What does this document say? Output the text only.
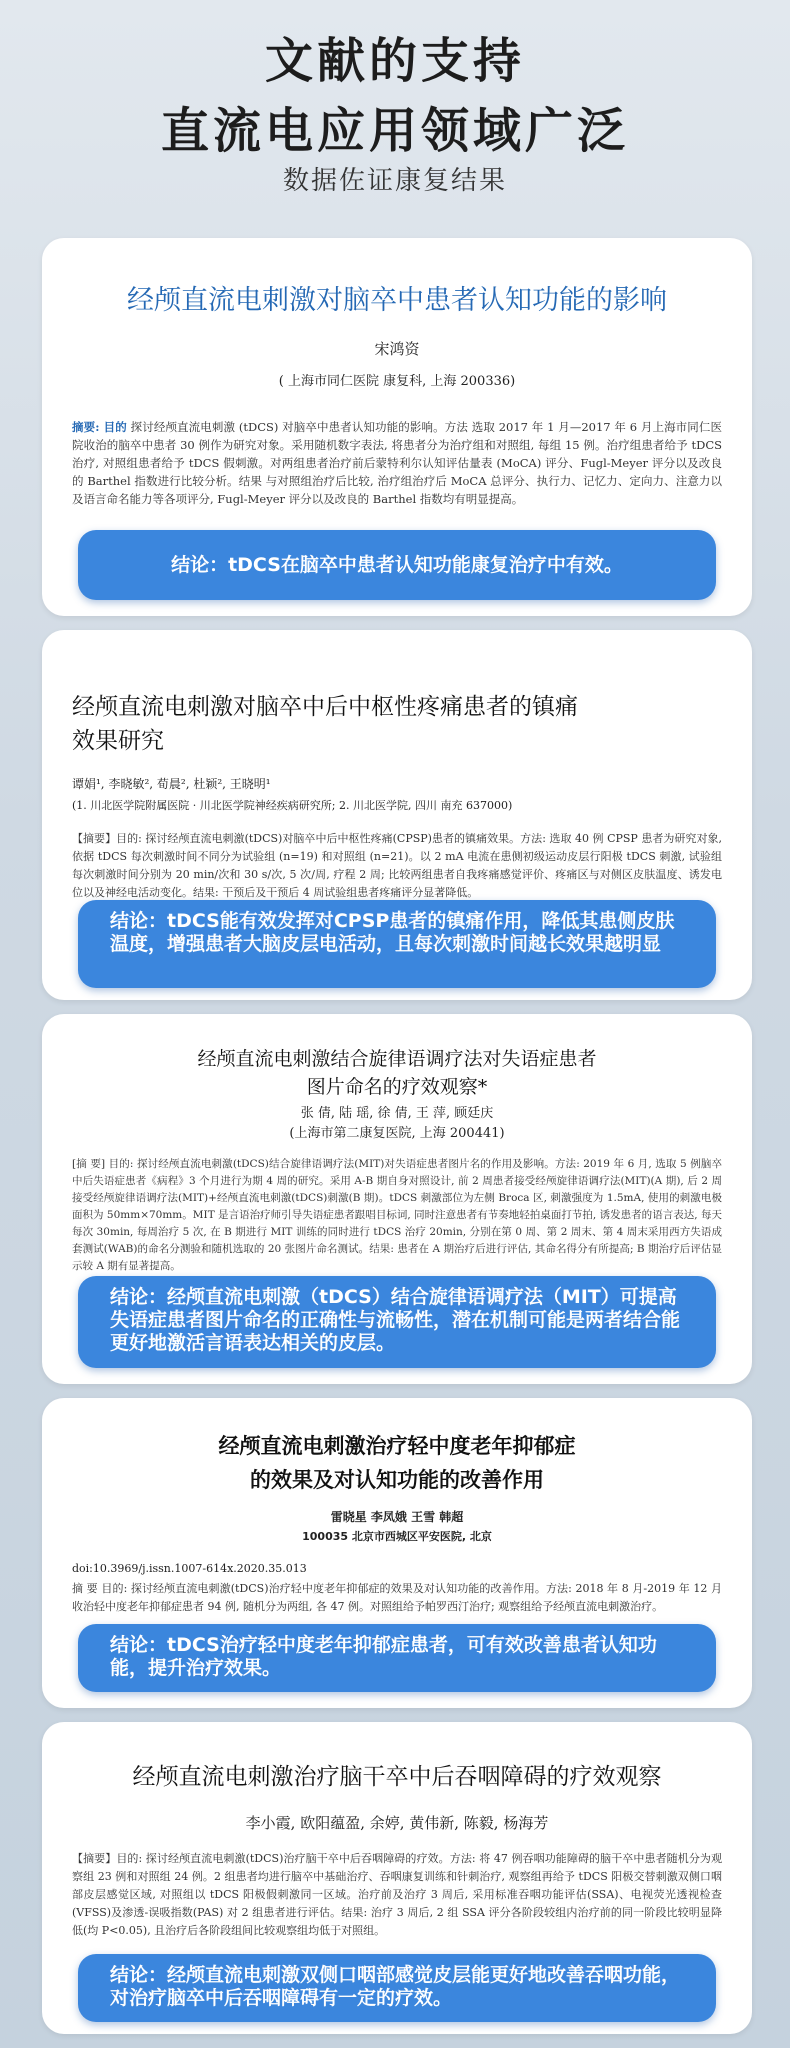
文献的支持
直流电应用领域广泛
数据佐证康复结果
经颅直流电刺激对脑卒中患者认知功能的影响
宋鸿资
( 上海市同仁医院 康复科, 上海 200336)
摘要: 目的 探讨经颅直流电刺激 (tDCS) 对脑卒中患者认知功能的影响。方法 选取 2017 年 1 月—2017 年 6 月上海市同仁医院收治的脑卒中患者 30 例作为研究对象。采用随机数字表法, 将患者分为治疗组和对照组, 每组 15 例。治疗组患者给予 tDCS 治疗, 对照组患者给予 tDCS 假刺激。对两组患者治疗前后蒙特利尔认知评估量表 (MoCA) 评分、Fugl-Meyer 评分以及改良的 Barthel 指数进行比较分析。结果 与对照组治疗后比较, 治疗组治疗后 MoCA 总评分、执行力、记忆力、定向力、注意力以及语言命名能力等各项评分, Fugl-Meyer 评分以及改良的 Barthel 指数均有明显提高。
结论：tDCS在脑卒中患者认知功能康复治疗中有效。
经颅直流电刺激对脑卒中后中枢性疼痛患者的镇痛
效果研究
谭娟¹, 李晓敏², 荀晨², 杜颖², 王晓明¹
(1. 川北医学院附属医院 · 川北医学院神经疾病研究所; 2. 川北医学院, 四川 南充 637000)
【摘要】目的: 探讨经颅直流电刺激(tDCS)对脑卒中后中枢性疼痛(CPSP)患者的镇痛效果。方法: 选取 40 例 CPSP 患者为研究对象, 依据 tDCS 每次刺激时间不同分为试验组 (n=19) 和对照组 (n=21)。以 2 mA 电流在患侧初级运动皮层行阳极 tDCS 刺激, 试验组每次刺激时间分别为 20 min/次和 30 s/次, 5 次/周, 疗程 2 周; 比较两组患者自我疼痛感觉评价、疼痛区与对侧区皮肤温度、诱发电位以及神经电活动变化。结果: 干预后及干预后 4 周试验组患者疼痛评分显著降低。
结论：tDCS能有效发挥对CPSP患者的镇痛作用，降低其患侧皮肤温度，增强患者大脑皮层电活动，且每次刺激时间越长效果越明显
经颅直流电刺激结合旋律语调疗法对失语症患者
图片命名的疗效观察*
张 倩, 陆 瑶, 徐 倩, 王 萍, 顾廷庆
(上海市第二康复医院, 上海 200441)
[摘 要] 目的: 探讨经颅直流电刺激(tDCS)结合旋律语调疗法(MIT)对失语症患者图片名的作用及影响。方法: 2019 年 6 月, 选取 5 例脑卒中后失语症患者《病程》3 个月进行为期 4 周的研究。采用 A-B 期自身对照设计, 前 2 周患者接受经颅旋律语调疗法(MIT)(A 期), 后 2 周接受经颅旋律语调疗法(MIT)+经颅直流电刺激(tDCS)刺激(B 期)。tDCS 刺激部位为左侧 Broca 区, 刺激强度为 1.5mA, 使用的刺激电极面积为 50mm×70mm。MIT 是言语治疗师引导失语症患者跟唱目标词, 同时注意患者有节奏地轻拍桌面打节拍, 诱发患者的语言表达, 每天每次 30min, 每周治疗 5 次, 在 B 期进行 MIT 训练的同时进行 tDCS 治疗 20min, 分别在第 0 周、第 2 周末、第 4 周末采用西方失语成套测试(WAB)的命名分测验和随机选取的 20 张图片命名测试。结果: 患者在 A 期治疗后进行评估, 其命名得分有所提高; B 期治疗后评估显示较 A 期有显著提高。
结论：经颅直流电刺激（tDCS）结合旋律语调疗法（MIT）可提高失语症患者图片命名的正确性与流畅性，潜在机制可能是两者结合能更好地激活言语表达相关的皮层。
经颅直流电刺激治疗轻中度老年抑郁症
的效果及对认知功能的改善作用
雷晓星 李凤娥 王雪 韩超
100035 北京市西城区平安医院, 北京
doi:10.3969/j.issn.1007-614x.2020.35.013
摘 要 目的: 探讨经颅直流电刺激(tDCS)治疗轻中度老年抑郁症的效果及对认知功能的改善作用。方法: 2018 年 8 月-2019 年 12 月收治轻中度老年抑郁症患者 94 例, 随机分为两组, 各 47 例。对照组给予帕罗西汀治疗; 观察组给予经颅直流电刺激治疗。
结论：tDCS治疗轻中度老年抑郁症患者，可有效改善患者认知功能，提升治疗效果。
经颅直流电刺激治疗脑干卒中后吞咽障碍的疗效观察
李小霞, 欧阳蕴盈, 余婷, 黄伟新, 陈毅, 杨海芳
【摘要】目的: 探讨经颅直流电刺激(tDCS)治疗脑干卒中后吞咽障碍的疗效。方法: 将 47 例吞咽功能障碍的脑干卒中患者随机分为观察组 23 例和对照组 24 例。2 组患者均进行脑卒中基础治疗、吞咽康复训练和针刺治疗, 观察组再给予 tDCS 阳极交替刺激双侧口咽部皮层感觉区域, 对照组以 tDCS 阳极假刺激同一区域。治疗前及治疗 3 周后, 采用标准吞咽功能评估(SSA)、电视荧光透视检查(VFSS)及渗透-误吸指数(PAS) 对 2 组患者进行评估。结果: 治疗 3 周后, 2 组 SSA 评分各阶段较组内治疗前的同一阶段比较明显降低(均 P<0.05), 且治疗后各阶段组间比较观察组均低于对照组。
结论：经颅直流电刺激双侧口咽部感觉皮层能更好地改善吞咽功能，对治疗脑卒中后吞咽障碍有一定的疗效。
